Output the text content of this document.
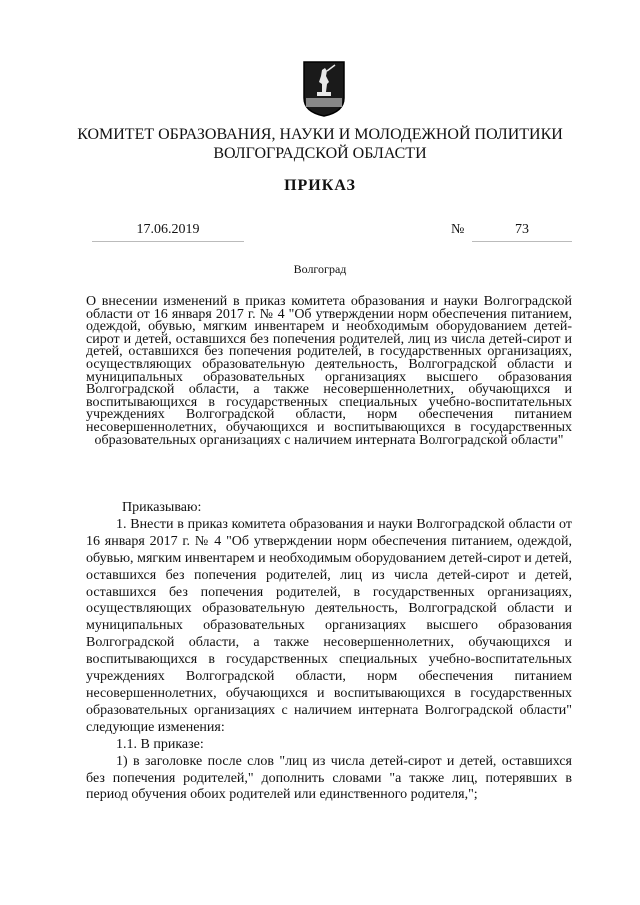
КОМИТЕТ ОБРАЗОВАНИЯ, НАУКИ И МОЛОДЕЖНОЙ ПОЛИТИКИ
ВОЛГОГРАДСКОЙ ОБЛАСТИ
ПРИКАЗ
17.06.2019	№	73
Волгоград
О внесении изменений в приказ комитета образования и науки Волгоградской области от 16 января 2017 г. № 4 "Об утверждении норм обеспечения питанием, одеждой, обувью, мягким инвентарем и необходимым оборудованием детей-сирот и детей, оставшихся без попечения родителей, лиц из числа детей-сирот и детей, оставшихся без попечения родителей, в государственных организациях, осуществляющих образовательную деятельность, Волгоградской области и муниципальных образовательных организациях высшего образования Волгоградской области, а также несовершеннолетних, обучающихся и воспитывающихся в государственных специальных учебно-воспитательных учреждениях Волгоградской области, норм обеспечения питанием несовершеннолетних, обучающихся и воспитывающихся в государственных образовательных организациях с наличием интерната Волгоградской области"

Приказываю:

1. Внести в приказ комитета образования и науки Волгоградской области от 16 января 2017 г. № 4 "Об утверждении норм обеспечения питанием, одеждой, обувью, мягким инвентарем и необходимым оборудованием детей-сирот и детей, оставшихся без попечения родителей, лиц из числа детей-сирот и детей, оставшихся без попечения родителей, в государственных организациях, осуществляющих образовательную деятельность, Волгоградской области и муниципальных образовательных организациях высшего образования Волгоградской области, а также несовершеннолетних, обучающихся и воспитывающихся в государственных специальных учебно-воспитательных учреждениях Волгоградской области, норм обеспечения питанием несовершеннолетних, обучающихся и воспитывающихся в государственных образовательных организациях с наличием интерната Волгоградской области" следующие изменения:

1.1. В приказе:

1) в заголовке после слов "лиц из числа детей-сирот и детей, оставшихся без попечения родителей," дополнить словами "а также лиц, потерявших в период обучения обоих родителей или единственного родителя,";
